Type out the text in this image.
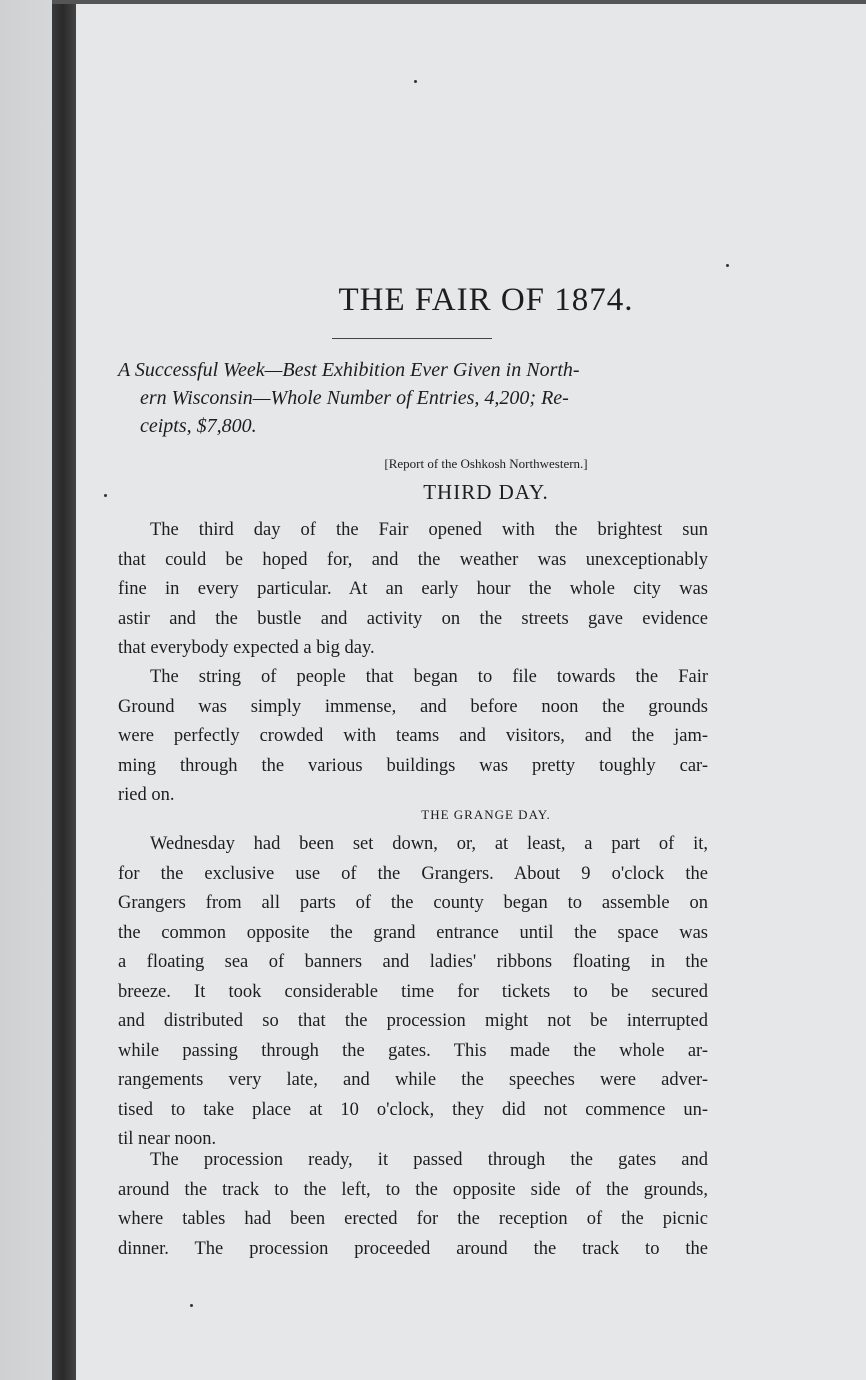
THE FAIR OF 1874.
A Successful Week—Best Exhibition Ever Given in North-
ern Wisconsin—Whole Number of Entries, 4,200; Re-
ceipts, $7,800.
[Report of the Oshkosh Northwestern.]
THIRD DAY.
The third day of the Fair opened with the brightest sun
that could be hoped for, and the weather was unexceptionably
fine in every particular. At an early hour the whole city was
astir and the bustle and activity on the streets gave evidence
that everybody expected a big day.
The string of people that began to file towards the Fair
Ground was simply immense, and before noon the grounds
were perfectly crowded with teams and visitors, and the jam-
ming through the various buildings was pretty toughly car-
ried on.
THE GRANGE DAY.
Wednesday had been set down, or, at least, a part of it,
for the exclusive use of the Grangers. About 9 o'clock the
Grangers from all parts of the county began to assemble on
the common opposite the grand entrance until the space was
a floating sea of banners and ladies' ribbons floating in the
breeze. It took considerable time for tickets to be secured
and distributed so that the procession might not be interrupted
while passing through the gates. This made the whole ar-
rangements very late, and while the speeches were adver-
tised to take place at 10 o'clock, they did not commence un-
til near noon.
The procession ready, it passed through the gates and
around the track to the left, to the opposite side of the grounds,
where tables had been erected for the reception of the picnic
dinner. The procession proceeded around the track to the
